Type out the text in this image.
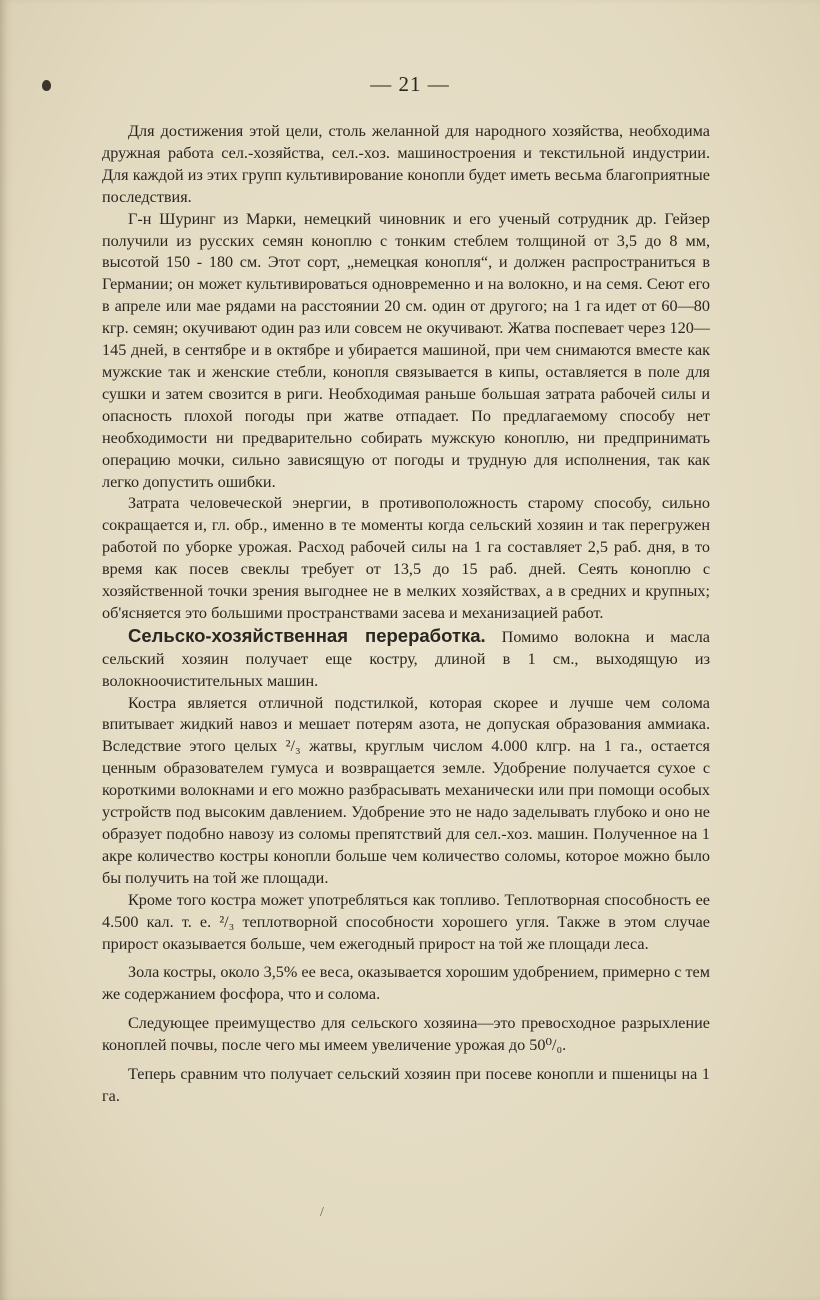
— 21 —

Для достижения этой цели, столь желанной для народного хозяйства, необходима дружная работа сел.-хозяйства, сел.-хоз. машиностроения и текстильной индустрии. Для каждой из этих групп культивирование конопли будет иметь весьма благоприятные последствия.

Г-н Шуринг из Марки, немецкий чиновник и его ученый сотрудник др. Гейзер получили из русских семян коноплю с тонким стеблем толщиной от 3,5 до 8 мм, высотой 150 - 180 см. Этот сорт, „немецкая конопля“, и должен распространиться в Германии; он может культивироваться одновременно и на волокно, и на семя. Сеют его в апреле или мае рядами на расстоянии 20 см. один от другого; на 1 га идет от 60—80 кгр. семян; окучивают один раз или совсем не окучивают. Жатва поспевает через 120—145 дней, в сентябре и в октябре и убирается машиной, при чем снимаются вместе как мужские так и женские стебли, конопля связывается в кипы, оставляется в поле для сушки и затем свозится в риги. Необходимая раньше большая затрата рабочей силы и опасность плохой погоды при жатве отпадает. По предлагаемому способу нет необходимости ни предварительно собирать мужскую коноплю, ни предпринимать операцию мочки, сильно зависящую от погоды и трудную для исполнения, так как легко допустить ошибки.

Затрата человеческой энергии, в противоположность старому способу, сильно сокращается и, гл. обр., именно в те моменты когда сельский хозяин и так перегружен работой по уборке урожая. Расход рабочей силы на 1 га составляет 2,5 раб. дня, в то время как посев свеклы требует от 13,5 до 15 раб. дней. Сеять коноплю с хозяйственной точки зрения выгоднее не в мелких хозяйствах, а в средних и крупных; об'ясняется это большими пространствами засева и механизацией работ.

Сельско-хозяйственная переработка. Помимо волокна и масла сельский хозяин получает еще костру, длиной в 1 см., выходящую из волокноочистительных машин.

Костра является отличной подстилкой, которая скорее и лучше чем солома впитывает жидкий навоз и мешает потерям азота, не допуская образования аммиака. Вследствие этого целых ²/₃ жатвы, круглым числом 4.000 клгр. на 1 га., остается ценным образователем гумуса и возвращается земле. Удобрение получается сухое с короткими волокнами и его можно разбрасывать механически или при помощи особых устройств под высоким давлением. Удобрение это не надо заделывать глубоко и оно не образует подобно навозу из соломы препятствий для сел.-хоз. машин. Полученное на 1 акре количество костры конопли больше чем количество соломы, которое можно было бы получить на той же площади.

Кроме того костра может употребляться как топливо. Теплотворная способность ее 4.500 кал. т. е. ²/₃ теплотворной способности хорошего угля. Также в этом случае прирост оказывается больше, чем ежегодный прирост на той же площади леса.

Зола костры, около 3,5% ее веса, оказывается хорошим удобрением, примерно с тем же содержанием фосфора, что и солома.

Следующее преимущество для сельского хозяина—это превосходное разрыхление коноплей почвы, после чего мы имеем увеличение урожая до 50⁰/₀.

Теперь сравним что получает сельский хозяин при посеве конопли и пшеницы на 1 га.

/
